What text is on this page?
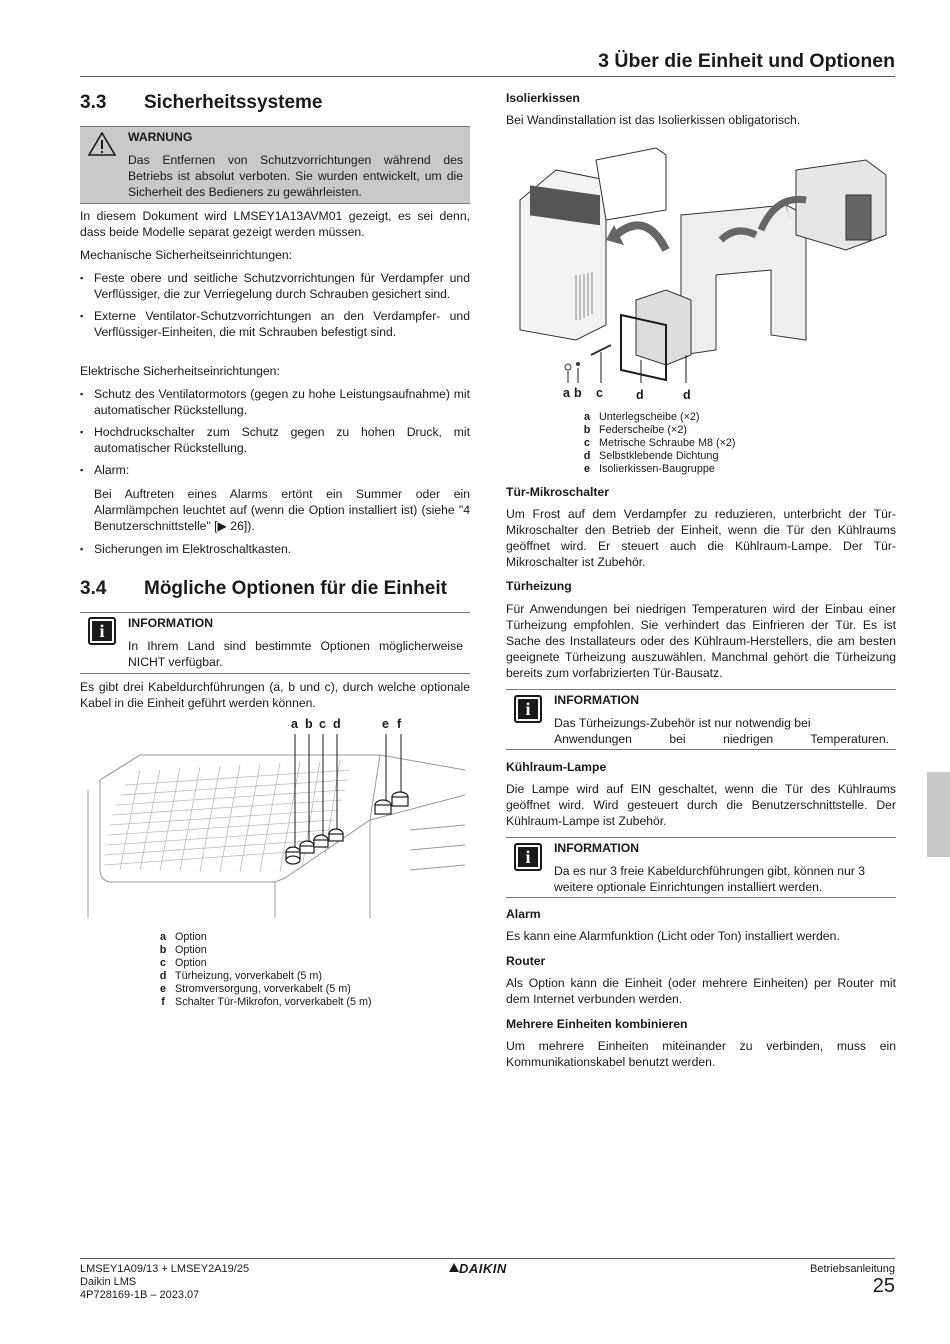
3 Über die Einheit und Optionen
3.3 Sicherheitssysteme
WARNUNG

Das Entfernen von Schutzvorrichtungen während des Betriebs ist absolut verboten. Sie wurden entwickelt, um die Sicherheit des Bedieners zu gewährleisten.

In diesem Dokument wird LMSEY1A13AVM01 gezeigt, es sei denn, dass beide Modelle separat gezeigt werden müssen.

Mechanische Sicherheitseinrichtungen:

▪ Feste obere und seitliche Schutzvorrichtungen für Verdampfer und Verflüssiger, die zur Verriegelung durch Schrauben gesichert sind.
▪ Externe Ventilator-Schutzvorrichtungen an den Verdampfer- und Verflüssiger-Einheiten, die mit Schrauben befestigt sind.

Elektrische Sicherheitseinrichtungen:

▪ Schutz des Ventilatormotors (gegen zu hohe Leistungsaufnahme) mit automatischer Rückstellung.
▪ Hochdruckschalter zum Schutz gegen zu hohen Druck, mit automatischer Rückstellung.
▪ Alarm:

Bei Auftreten eines Alarms ertönt ein Summer oder ein Alarmlämpchen leuchtet auf (wenn die Option installiert ist) (siehe "4 Benutzerschnittstelle" [▶ 26]).

▪ Sicherungen im Elektroschaltkasten.
3.4 Mögliche Optionen für die Einheit
i	INFORMATION

In Ihrem Land sind bestimmte Optionen möglicherweise NICHT verfügbar.

Es gibt drei Kabeldurchführungen (a, b und c), durch welche optionale Kabel in die Einheit geführt werden können.

a b c d	e f
a Option
b Option
c Option
d Türheizung, vorverkabelt (5 m)
e Stromversorgung, vorverkabelt (5 m)
f Schalter Tür-Mikrofon, vorverkabelt (5 m)

Isolierkissen

Bei Wandinstallation ist das Isolierkissen obligatorisch.

a b c	d	d
a Unterlegscheibe (×2)
b Federscheibe (×2)
c Metrische Schraube M8 (×2)
d Selbstklebende Dichtung
e Isolierkissen-Baugruppe

Tür-Mikroschalter

Um Frost auf dem Verdampfer zu reduzieren, unterbricht der Tür-Mikroschalter den Betrieb der Einheit, wenn die Tür den Kühlraums geöffnet wird. Er steuert auch die Kühlraum-Lampe. Der Tür-Mikroschalter ist Zubehör.

Türheizung

Für Anwendungen bei niedrigen Temperaturen wird der Einbau einer Türheizung empfohlen. Sie verhindert das Einfrieren der Tür. Es ist Sache des Installateurs oder des Kühlraum-Herstellers, die am besten geeignete Türheizung auszuwählen. Manchmal gehört die Türheizung bereits zum vorfabrizierten Tür-Bausatz.

i	INFORMATION

Das Türheizungs-Zubehör ist nur notwendig bei Anwendungen bei niedrigen Temperaturen.

Kühlraum-Lampe

Die Lampe wird auf EIN geschaltet, wenn die Tür des Kühlraums geöffnet wird. Wird gesteuert durch die Benutzerschnittstelle. Der Kühlraum-Lampe ist Zubehör.

i	INFORMATION

Da es nur 3 freie Kabeldurchführungen gibt, können nur 3 weitere optionale Einrichtungen installiert werden.

Alarm

Es kann eine Alarmfunktion (Licht oder Ton) installiert werden.

Router

Als Option kann die Einheit (oder mehrere Einheiten) per Router mit dem Internet verbunden werden.

Mehrere Einheiten kombinieren

Um mehrere Einheiten miteinander zu verbinden, muss ein Kommunikationskabel benutzt werden.

LMSEY1A09/13 + LMSEY2A19/25
Daikin LMS
4P728169-1B – 2023.07
DAIKIN	Betriebsanleitung
25
